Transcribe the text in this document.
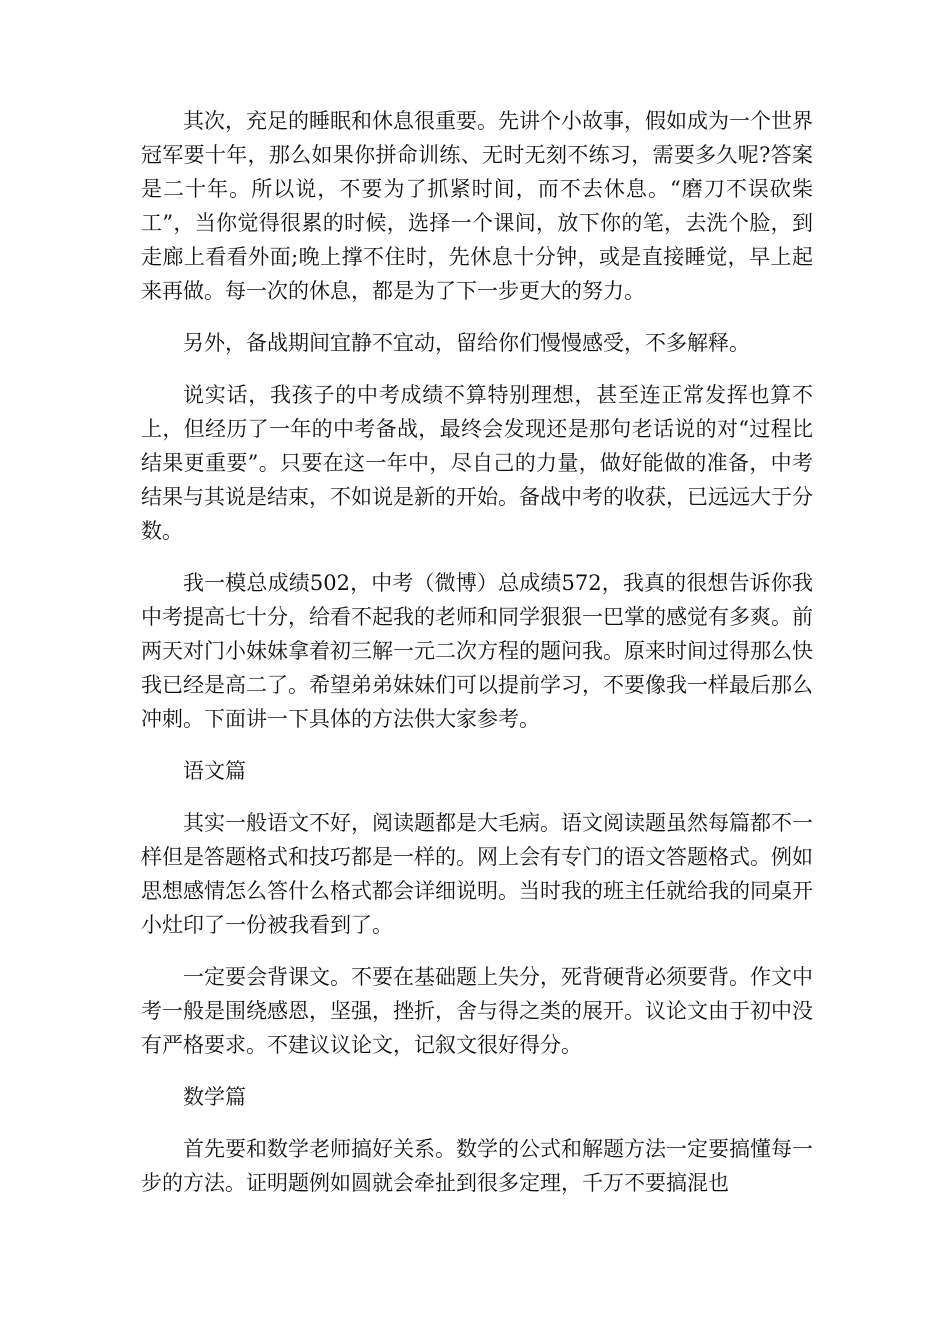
其次，充足的睡眠和休息很重要。先讲个小故事，假如成为一个世界冠军要十年，那么如果你拼命训练、无时无刻不练习，需要多久呢?答案是二十年。所以说，不要为了抓紧时间，而不去休息。“磨刀不误砍柴工”，当你觉得很累的时候，选择一个课间，放下你的笔，去洗个脸，到走廊上看看外面;晚上撑不住时，先休息十分钟，或是直接睡觉，早上起来再做。每一次的休息，都是为了下一步更大的努力。

另外，备战期间宜静不宜动，留给你们慢慢感受，不多解释。

说实话，我孩子的中考成绩不算特别理想，甚至连正常发挥也算不上，但经历了一年的中考备战，最终会发现还是那句老话说的对“过程比结果更重要”。只要在这一年中，尽自己的力量，做好能做的准备，中考结果与其说是结束，不如说是新的开始。备战中考的收获，已远远大于分数。

我一模总成绩502，中考（微博）总成绩572，我真的很想告诉你我中考提高七十分，给看不起我的老师和同学狠狠一巴掌的感觉有多爽。前两天对门小妹妹拿着初三解一元二次方程的题问我。原来时间过得那么快我已经是高二了。希望弟弟妹妹们可以提前学习，不要像我一样最后那么冲刺。下面讲一下具体的方法供大家参考。

语文篇

其实一般语文不好，阅读题都是大毛病。语文阅读题虽然每篇都不一样但是答题格式和技巧都是一样的。网上会有专门的语文答题格式。例如思想感情怎么答什么格式都会详细说明。当时我的班主任就给我的同桌开小灶印了一份被我看到了。

一定要会背课文。不要在基础题上失分，死背硬背必须要背。作文中考一般是围绕感恩，坚强，挫折，舍与得之类的展开。议论文由于初中没有严格要求。不建议议论文，记叙文很好得分。

数学篇

首先要和数学老师搞好关系。数学的公式和解题方法一定要搞懂每一步的方法。证明题例如圆就会牵扯到很多定理，千万不要搞混也
